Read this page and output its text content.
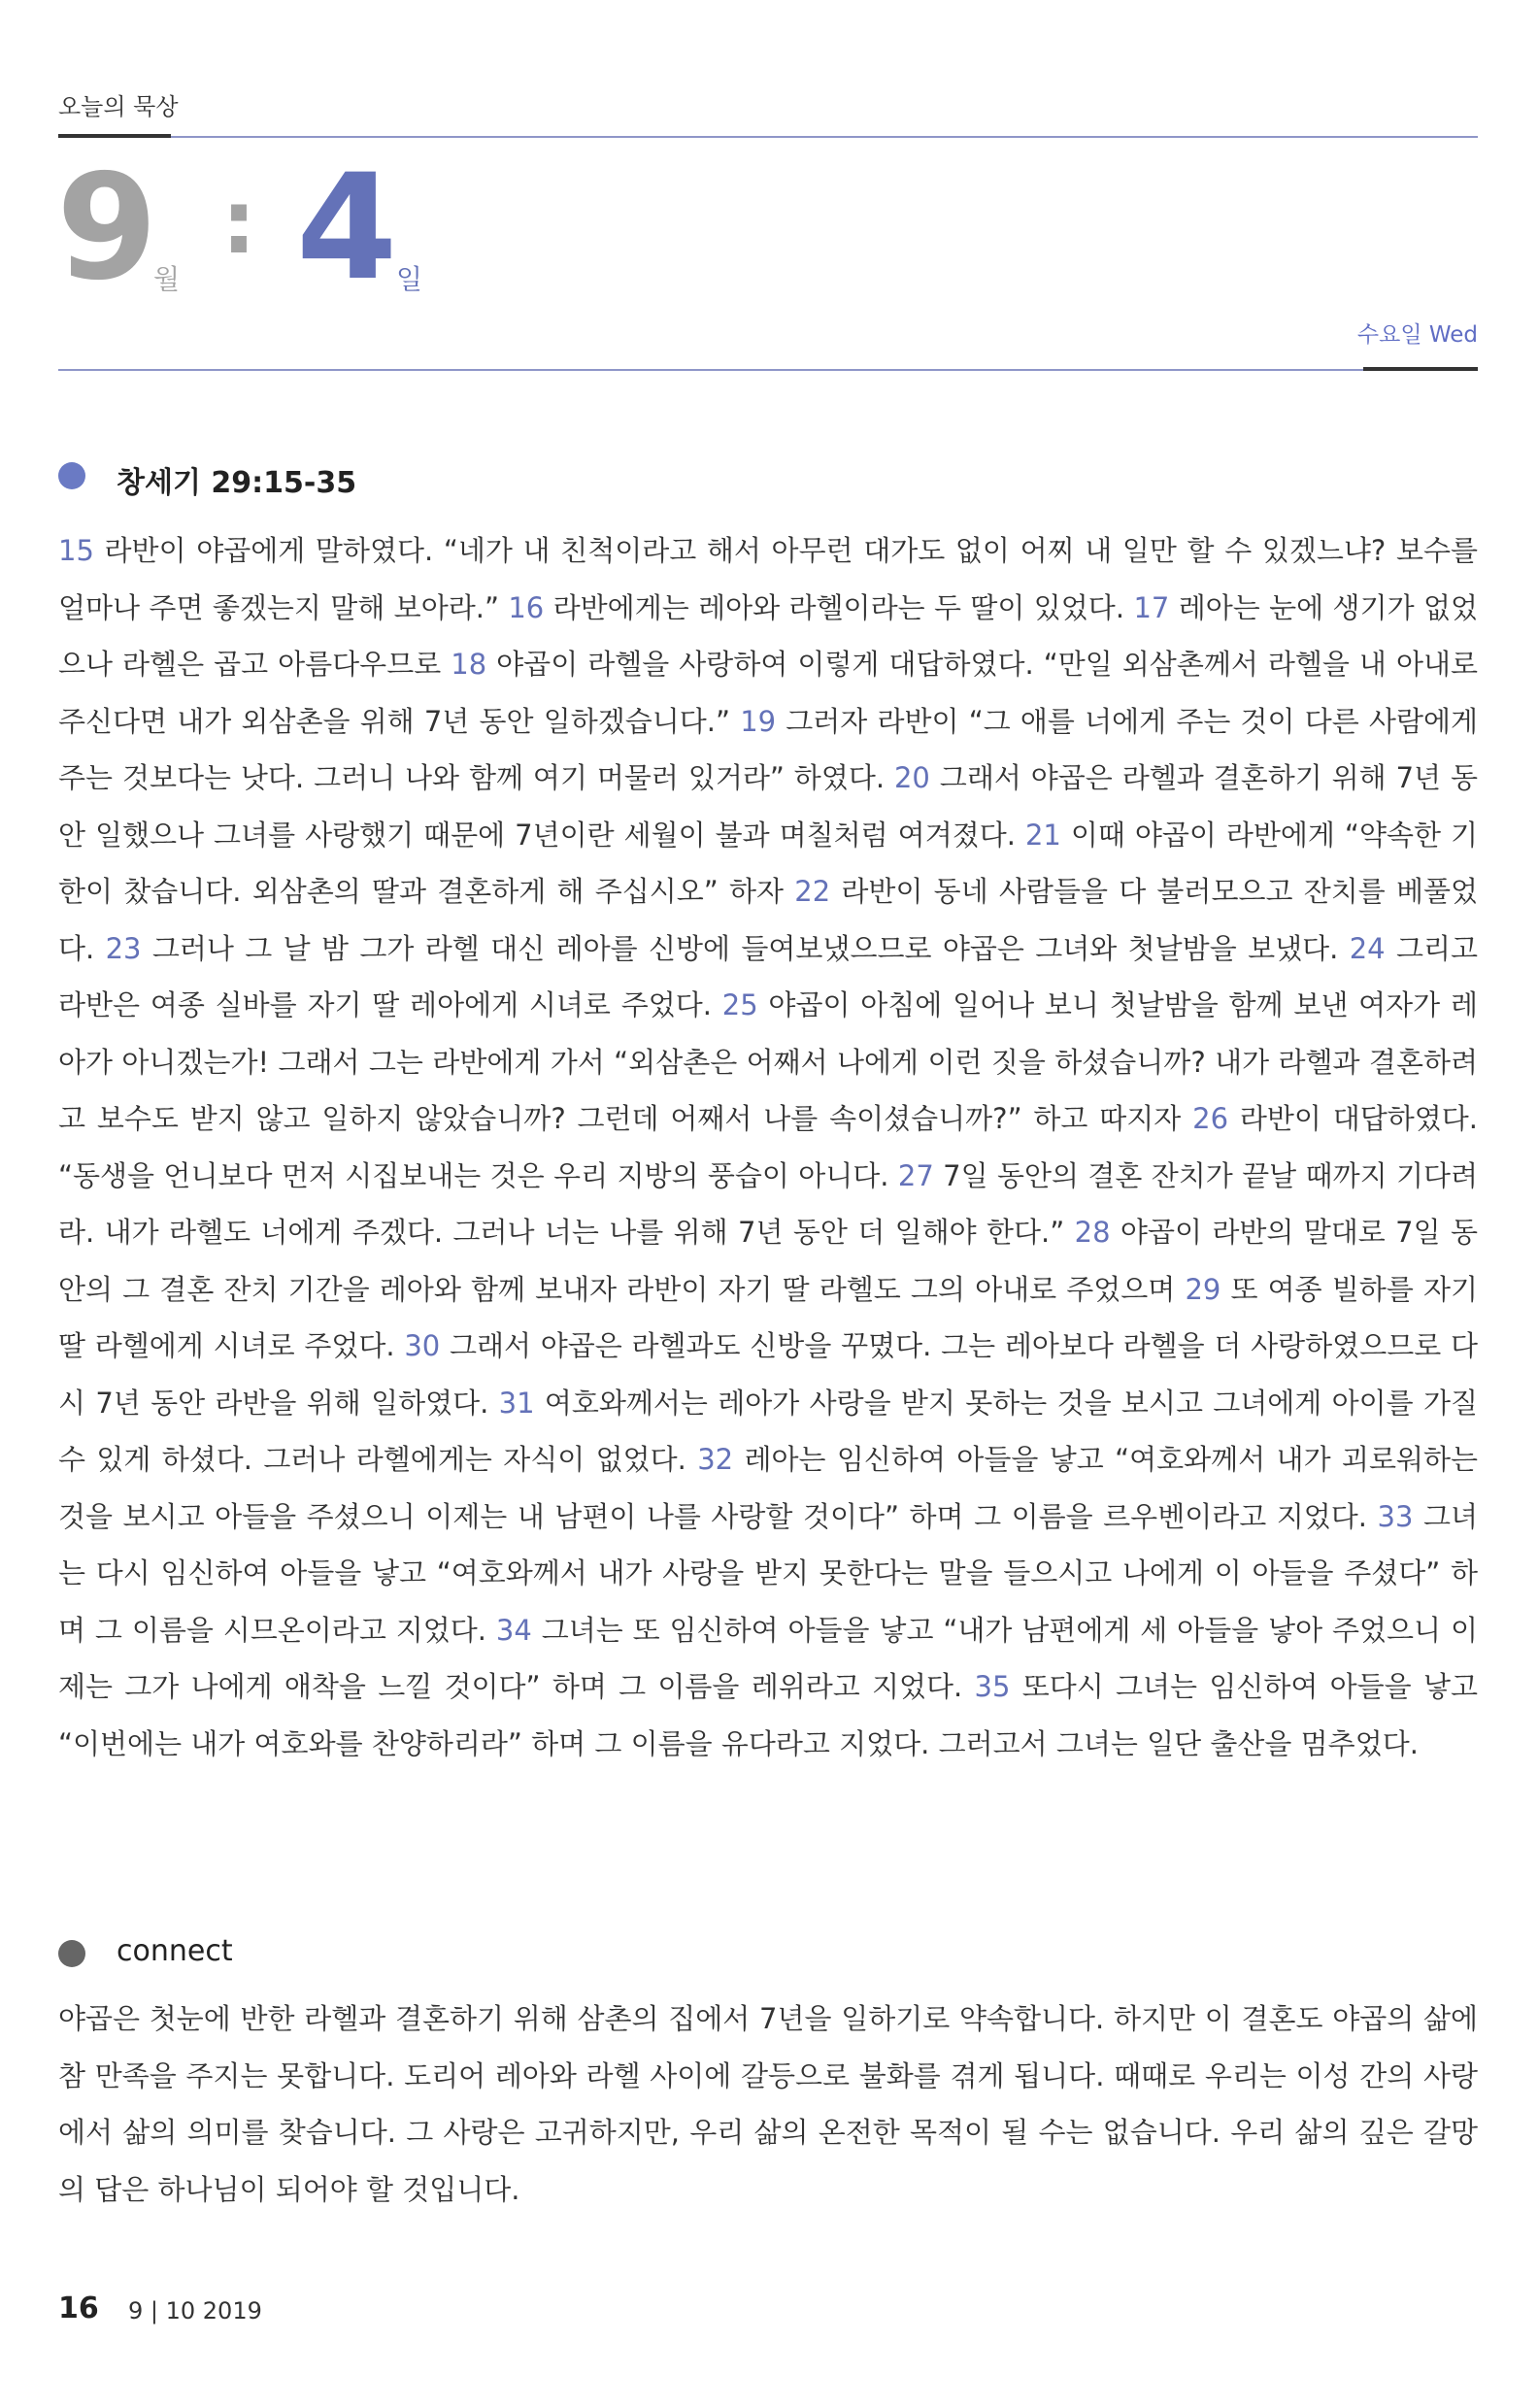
오늘의 묵상
9
월
: 4
일
수요일 Wed
창세기 29:15-35

15 라반이 야곱에게 말하였다. “네가 내 친척이라고 해서 아무런 대가도 없이 어찌 내 일만 할 수 있겠느냐? 보수를 얼마나 주면 좋겠는지 말해 보아라.” 16 라반에게는 레아와 라헬이라는 두 딸이 있었다. 17 레아는 눈에 생기가 없었으나 라헬은 곱고 아름다우므로 18 야곱이 라헬을 사랑하여 이렇게 대답하였다. “만일 외삼촌께서 라헬을 내 아내로 주신다면 내가 외삼촌을 위해 7년 동안 일하겠습니다.” 19 그러자 라반이 “그 애를 너에게 주는 것이 다른 사람에게 주는 것보다는 낫다. 그러니 나와 함께 여기 머물러 있거라” 하였다. 20 그래서 야곱은 라헬과 결혼하기 위해 7년 동안 일했으나 그녀를 사랑했기 때문에 7년이란 세월이 불과 며칠처럼 여겨졌다. 21 이때 야곱이 라반에게 “약속한 기한이 찼습니다. 외삼촌의 딸과 결혼하게 해 주십시오” 하자 22 라반이 동네 사람들을 다 불러모으고 잔치를 베풀었다. 23 그러나 그 날 밤 그가 라헬 대신 레아를 신방에 들여보냈으므로 야곱은 그녀와 첫날밤을 보냈다. 24 그리고 라반은 여종 실바를 자기 딸 레아에게 시녀로 주었다. 25 야곱이 아침에 일어나 보니 첫날밤을 함께 보낸 여자가 레아가 아니겠는가! 그래서 그는 라반에게 가서 “외삼촌은 어째서 나에게 이런 짓을 하셨습니까? 내가 라헬과 결혼하려고 보수도 받지 않고 일하지 않았습니까? 그런데 어째서 나를 속이셨습니까?” 하고 따지자 26 라반이 대답하였다. “동생을 언니보다 먼저 시집보내는 것은 우리 지방의 풍습이 아니다. 27 7일 동안의 결혼 잔치가 끝날 때까지 기다려라. 내가 라헬도 너에게 주겠다. 그러나 너는 나를 위해 7년 동안 더 일해야 한다.” 28 야곱이 라반의 말대로 7일 동안의 그 결혼 잔치 기간을 레아와 함께 보내자 라반이 자기 딸 라헬도 그의 아내로 주었으며 29 또 여종 빌하를 자기 딸 라헬에게 시녀로 주었다. 30 그래서 야곱은 라헬과도 신방을 꾸몄다. 그는 레아보다 라헬을 더 사랑하였으므로 다시 7년 동안 라반을 위해 일하였다. 31 여호와께서는 레아가 사랑을 받지 못하는 것을 보시고 그녀에게 아이를 가질 수 있게 하셨다. 그러나 라헬에게는 자식이 없었다. 32 레아는 임신하여 아들을 낳고 “여호와께서 내가 괴로워하는 것을 보시고 아들을 주셨으니 이제는 내 남편이 나를 사랑할 것이다” 하며 그 이름을 르우벤이라고 지었다. 33 그녀는 다시 임신하여 아들을 낳고 “여호와께서 내가 사랑을 받지 못한다는 말을 들으시고 나에게 이 아들을 주셨다” 하며 그 이름을 시므온이라고 지었다. 34 그녀는 또 임신하여 아들을 낳고 “내가 남편에게 세 아들을 낳아 주었으니 이제는 그가 나에게 애착을 느낄 것이다” 하며 그 이름을 레위라고 지었다. 35 또다시 그녀는 임신하여 아들을 낳고 “이번에는 내가 여호와를 찬양하리라” 하며 그 이름을 유다라고 지었다. 그러고서 그녀는 일단 출산을 멈추었다.

connect

야곱은 첫눈에 반한 라헬과 결혼하기 위해 삼촌의 집에서 7년을 일하기로 약속합니다. 하지만 이 결혼도 야곱의 삶에 참 만족을 주지는 못합니다. 도리어 레아와 라헬 사이에 갈등으로 불화를 겪게 됩니다. 때때로 우리는 이성 간의 사랑에서 삶의 의미를 찾습니다. 그 사랑은 고귀하지만, 우리 삶의 온전한 목적이 될 수는 없습니다. 우리 삶의 깊은 갈망의 답은 하나님이 되어야 할 것입니다.

16 9 | 10 2019
